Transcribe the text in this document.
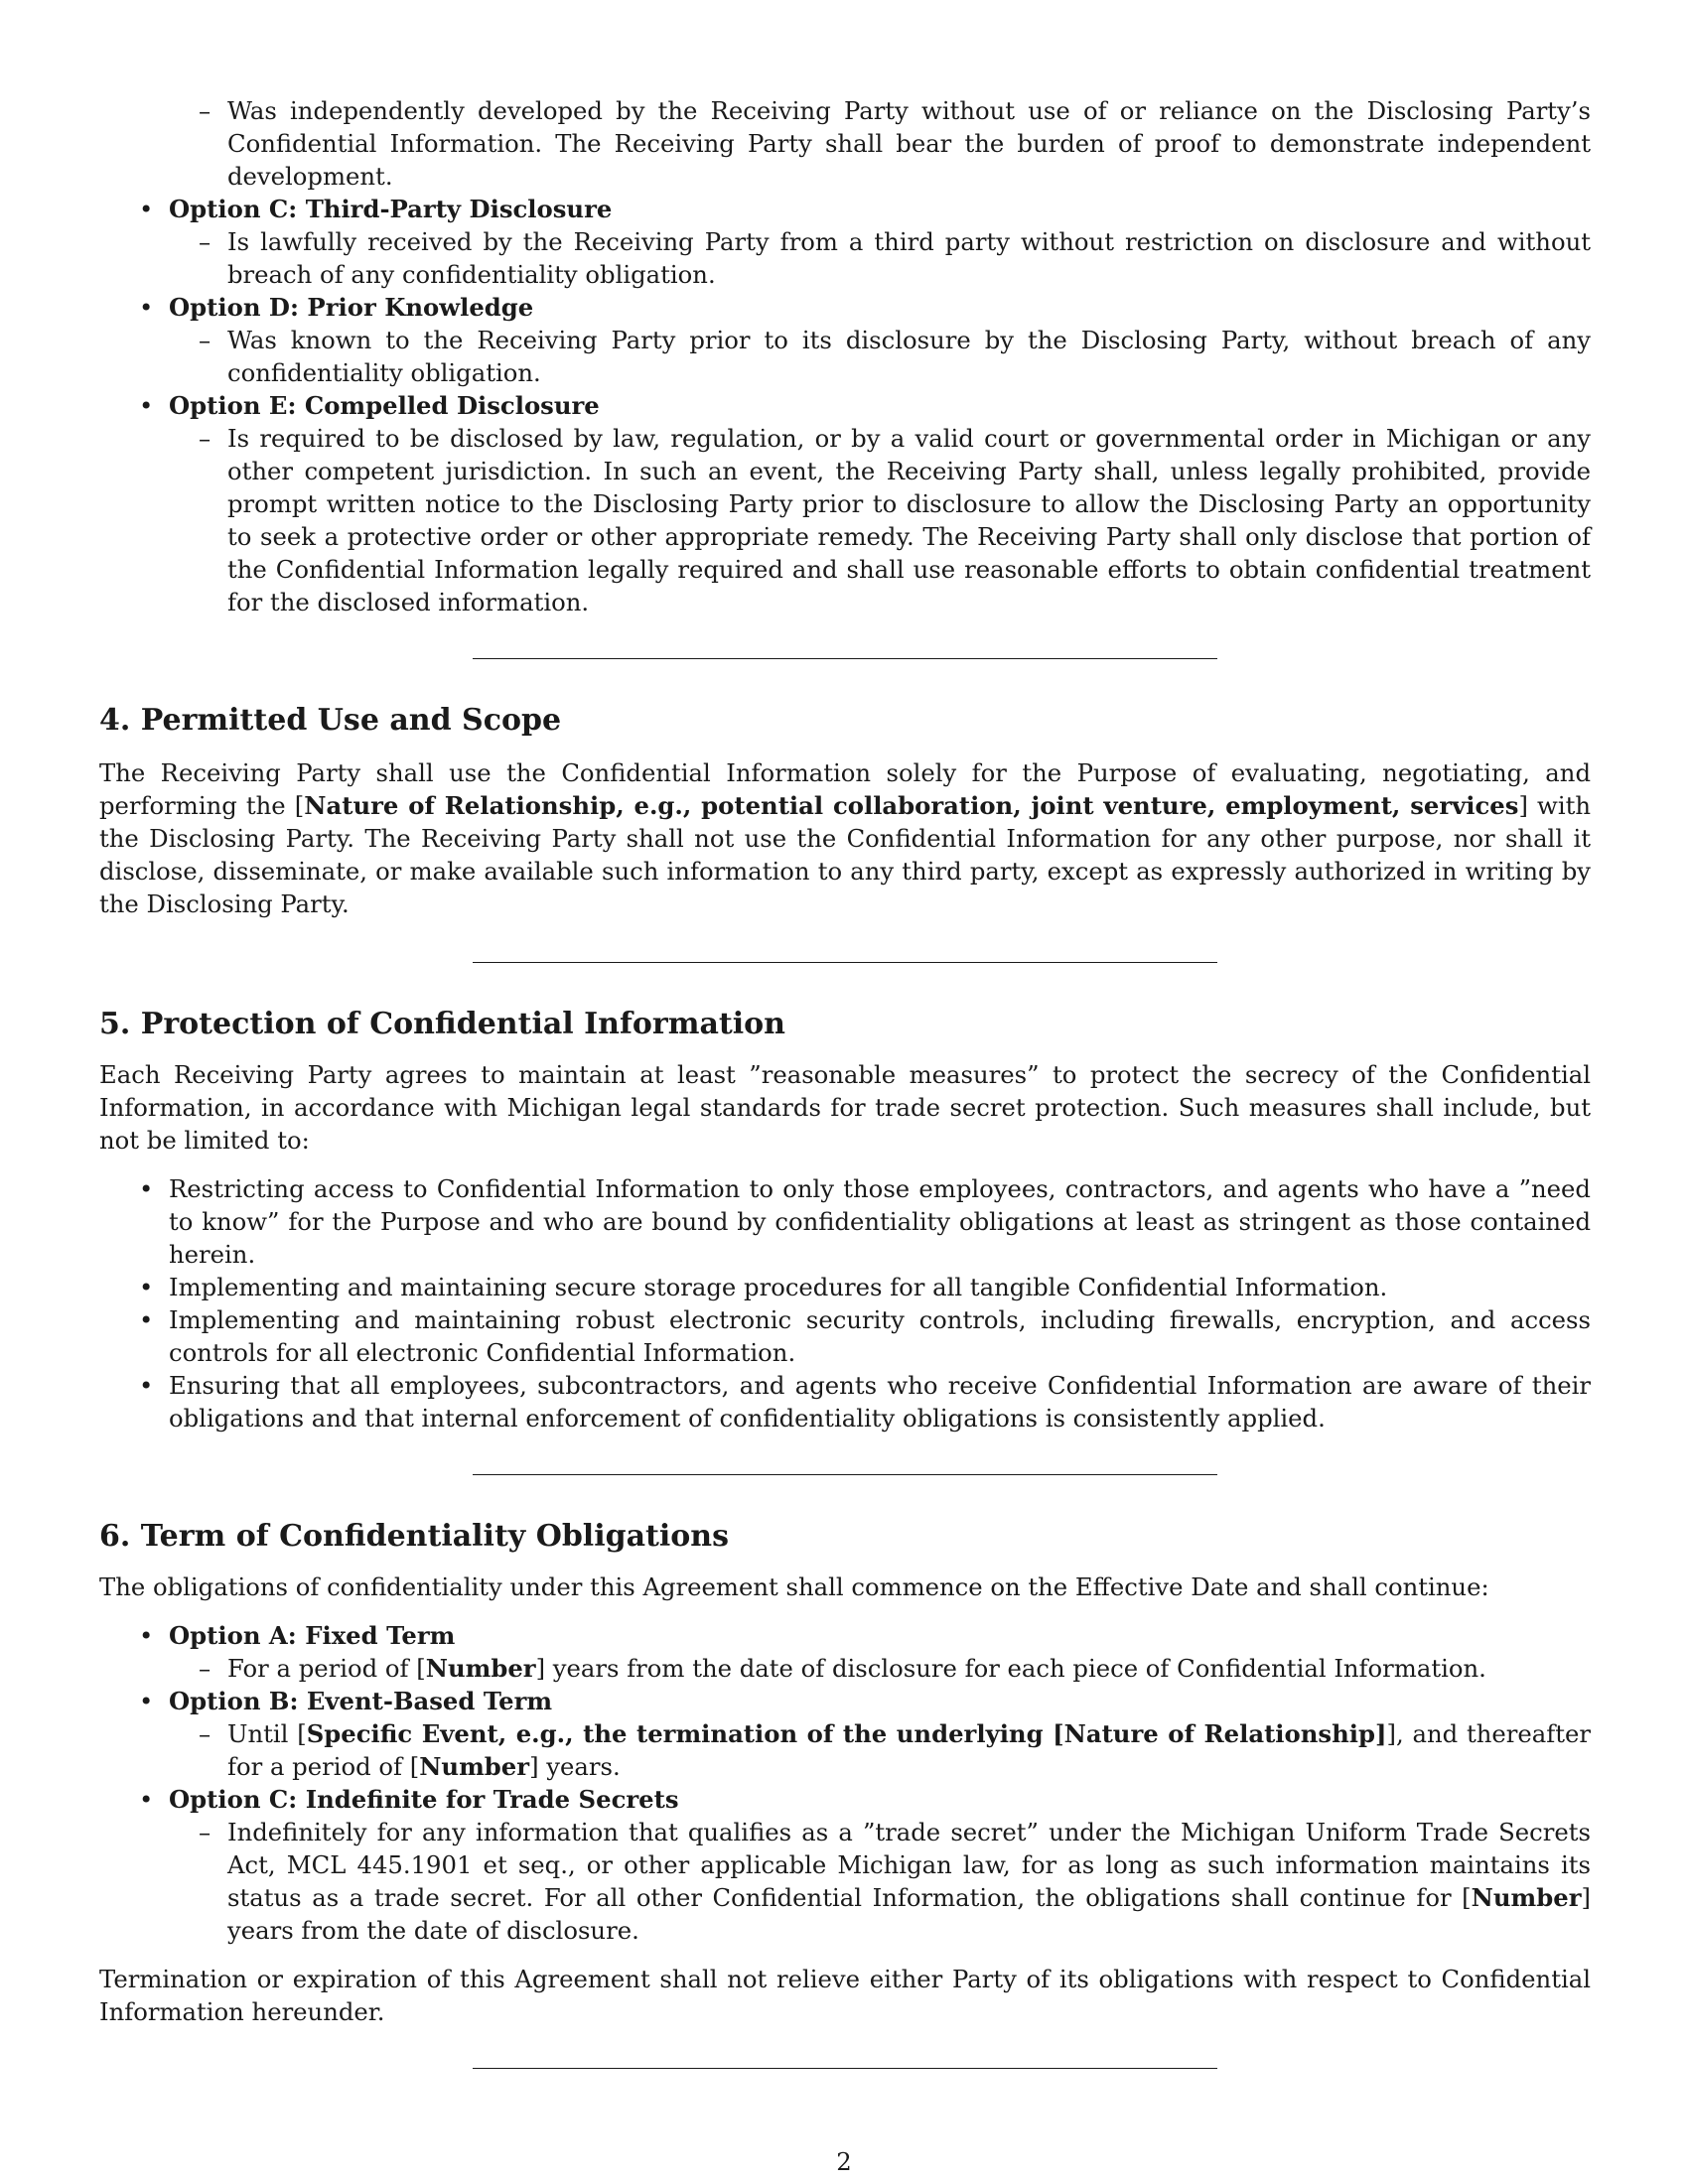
– Was independently developed by the Receiving Party without use of or reliance on the Disclosing Party’s Confidential Information. The Receiving Party shall bear the burden of proof to demonstrate independent development.
• Option C: Third-Party Disclosure
– Is lawfully received by the Receiving Party from a third party without restriction on disclosure and without breach of any confidentiality obligation.
• Option D: Prior Knowledge
– Was known to the Receiving Party prior to its disclosure by the Disclosing Party, without breach of any confidentiality obligation.
• Option E: Compelled Disclosure
– Is required to be disclosed by law, regulation, or by a valid court or governmental order in Michigan or any other competent jurisdiction. In such an event, the Receiving Party shall, unless legally prohibited, provide prompt written notice to the Disclosing Party prior to disclosure to allow the Disclosing Party an opportunity to seek a protective order or other appropriate remedy. The Receiving Party shall only disclose that portion of the Confidential Information legally required and shall use reasonable efforts to obtain confidential treatment for the disclosed information.
4. Permitted Use and Scope

The Receiving Party shall use the Confidential Information solely for the Purpose of evaluating, negotiating, and performing the [Nature of Relationship, e.g., potential collaboration, joint venture, employment, services] with the Disclosing Party. The Receiving Party shall not use the Confidential Information for any other purpose, nor shall it disclose, disseminate, or make available such information to any third party, except as expressly authorized in writing by the Disclosing Party.

5. Protection of Confidential Information

Each Receiving Party agrees to maintain at least ”reasonable measures” to protect the secrecy of the Confidential Information, in accordance with Michigan legal standards for trade secret protection. Such measures shall include, but not be limited to:

• Restricting access to Confidential Information to only those employees, contractors, and agents who have a ”need to know” for the Purpose and who are bound by confidentiality obligations at least as stringent as those contained herein.
• Implementing and maintaining secure storage procedures for all tangible Confidential Information.
• Implementing and maintaining robust electronic security controls, including firewalls, encryption, and access controls for all electronic Confidential Information.
• Ensuring that all employees, subcontractors, and agents who receive Confidential Information are aware of their obligations and that internal enforcement of confidentiality obligations is consistently applied.
6. Term of Confidentiality Obligations

The obligations of confidentiality under this Agreement shall commence on the Effective Date and shall continue:

• Option A: Fixed Term
– For a period of [Number] years from the date of disclosure for each piece of Confidential Information.
• Option B: Event-Based Term
– Until [Specific Event, e.g., the termination of the underlying [Nature of Relationship]], and thereafter for a period of [Number] years.
• Option C: Indefinite for Trade Secrets
– Indefinitely for any information that qualifies as a ”trade secret” under the Michigan Uniform Trade Secrets Act, MCL 445.1901 et seq., or other applicable Michigan law, for as long as such information maintains its status as a trade secret. For all other Confidential Information, the obligations shall continue for [Number] years from the date of disclosure.

Termination or expiration of this Agreement shall not relieve either Party of its obligations with respect to Confidential Information hereunder.

2
